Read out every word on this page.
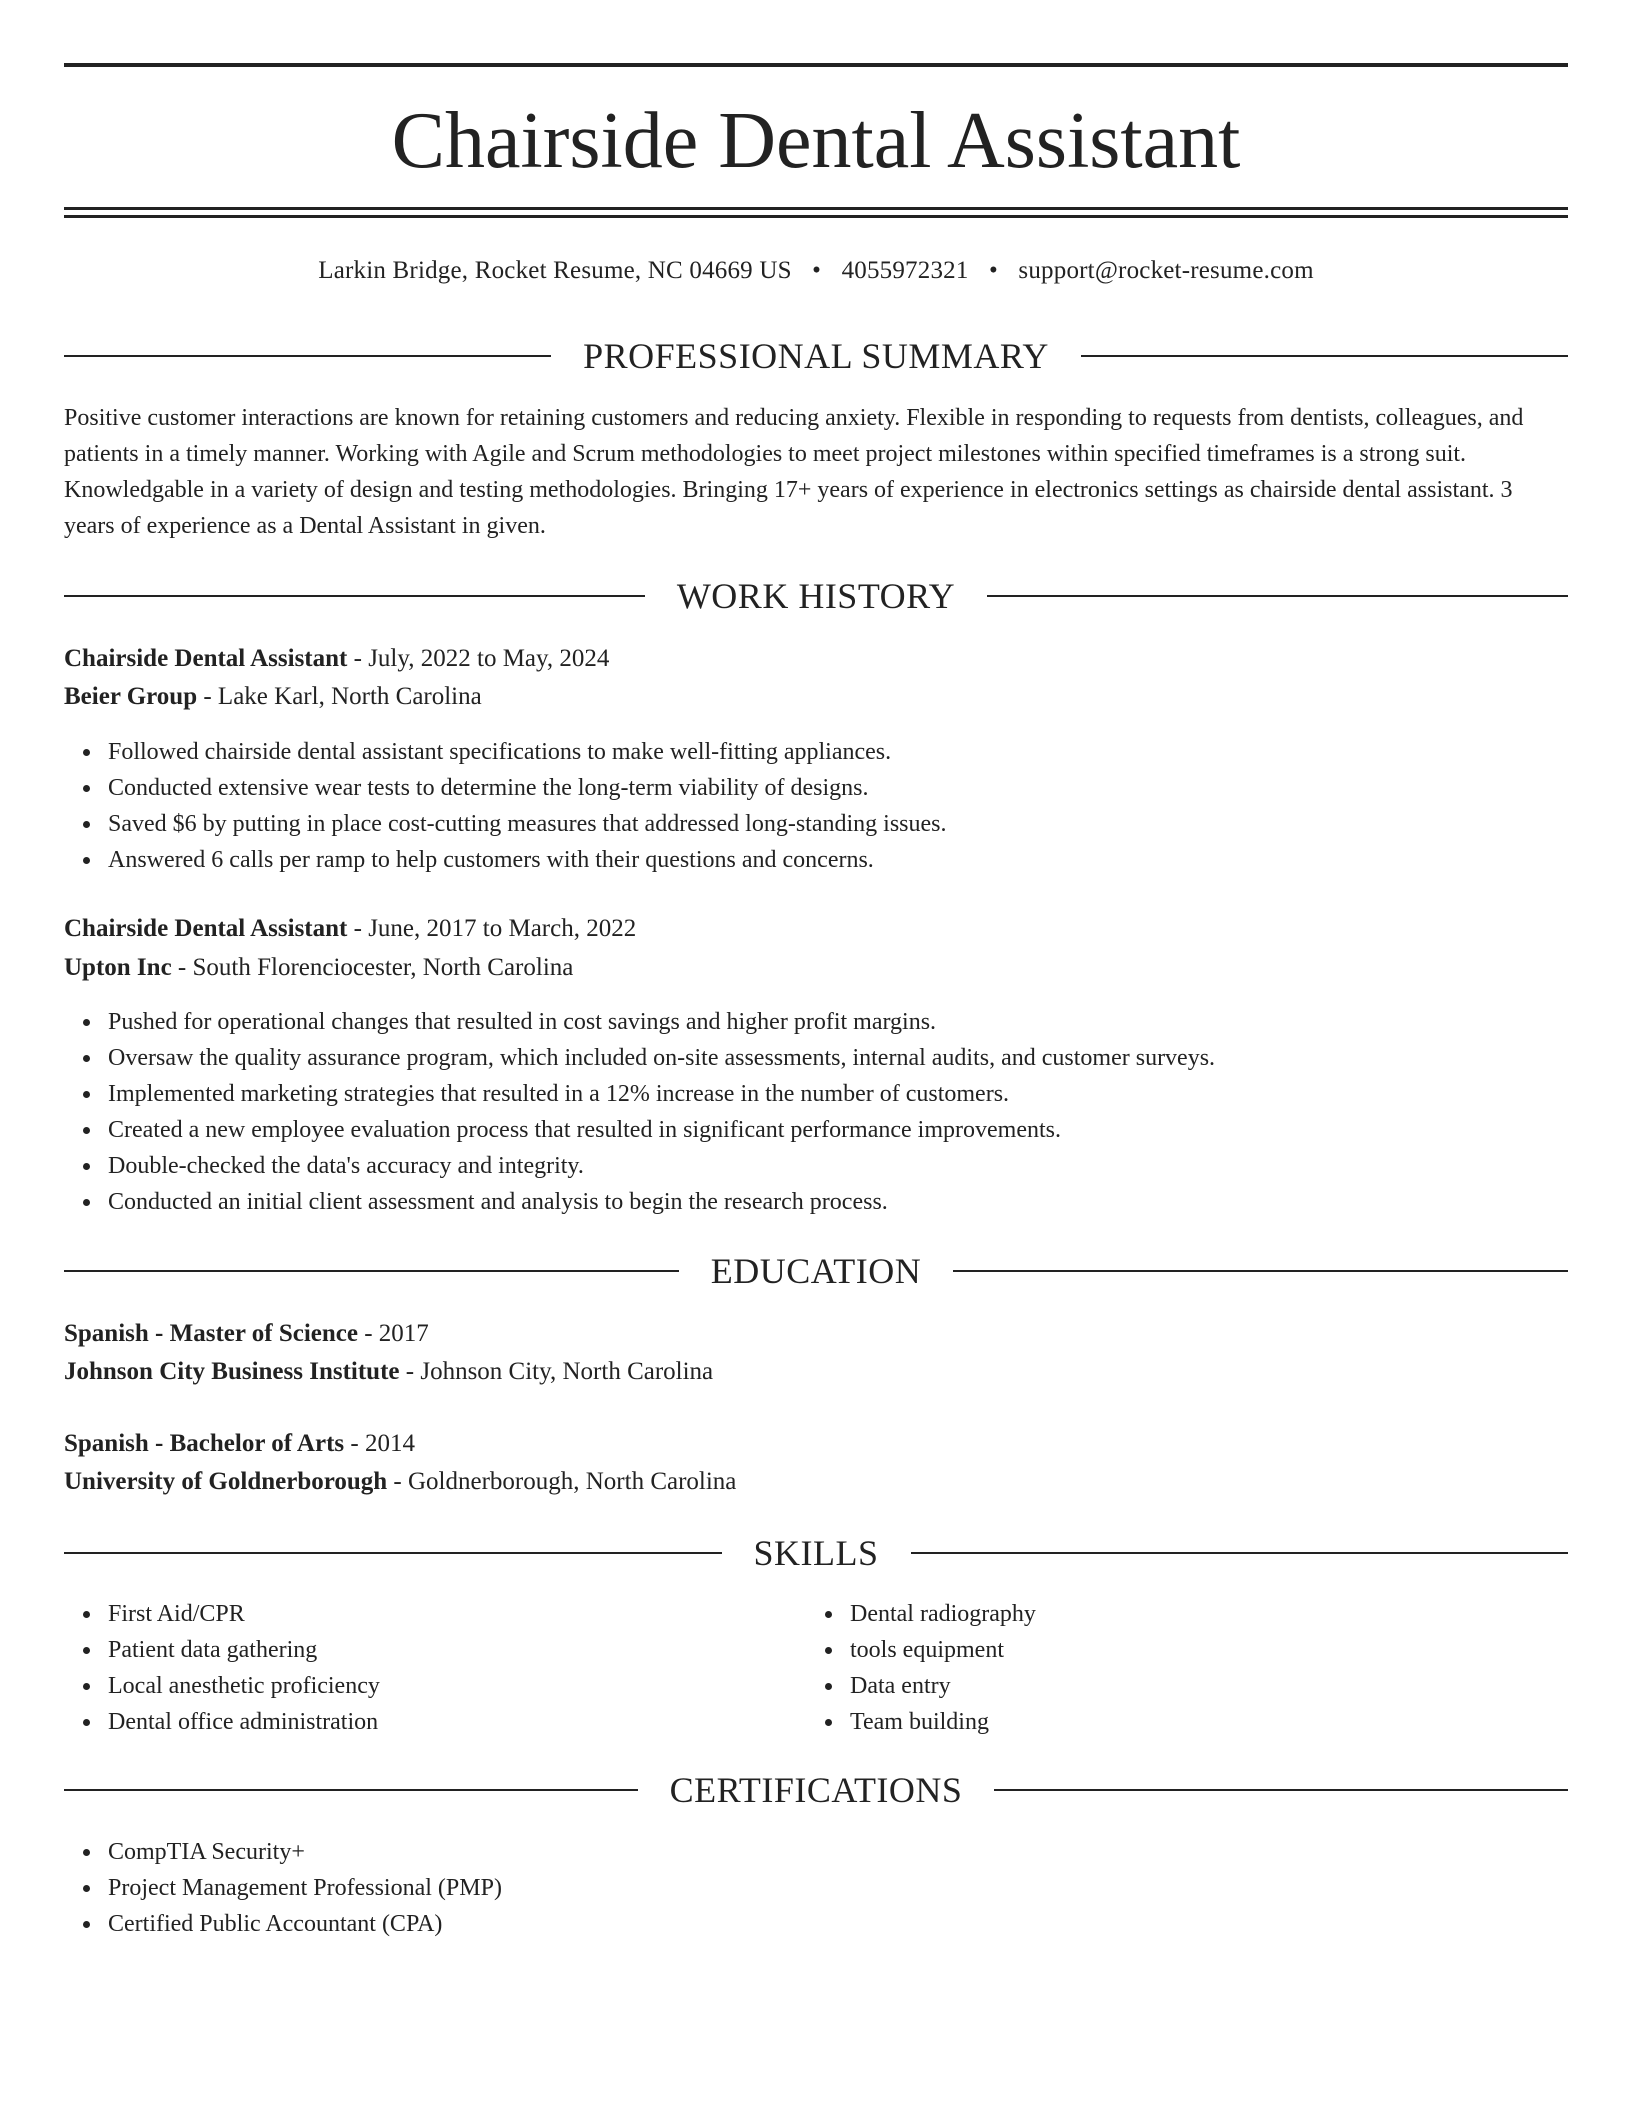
Chairside Dental Assistant
Larkin Bridge, Rocket Resume, NC 04669 US • 4055972321 • support@rocket-resume.com
PROFESSIONAL SUMMARY
Positive customer interactions are known for retaining customers and reducing anxiety. Flexible in responding to requests from dentists, colleagues, and patients in a timely manner. Working with Agile and Scrum methodologies to meet project milestones within specified timeframes is a strong suit. Knowledgable in a variety of design and testing methodologies. Bringing 17+ years of experience in electronics settings as chairside dental assistant. 3 years of experience as a Dental Assistant in given.
WORK HISTORY
Chairside Dental Assistant - July, 2022 to May, 2024
Beier Group - Lake Karl, North Carolina
Followed chairside dental assistant specifications to make well-fitting appliances.
Conducted extensive wear tests to determine the long-term viability of designs.
Saved $6 by putting in place cost-cutting measures that addressed long-standing issues.
Answered 6 calls per ramp to help customers with their questions and concerns.
Chairside Dental Assistant - June, 2017 to March, 2022
Upton Inc - South Florenciocester, North Carolina
Pushed for operational changes that resulted in cost savings and higher profit margins.
Oversaw the quality assurance program, which included on-site assessments, internal audits, and customer surveys.
Implemented marketing strategies that resulted in a 12% increase in the number of customers.
Created a new employee evaluation process that resulted in significant performance improvements.
Double-checked the data's accuracy and integrity.
Conducted an initial client assessment and analysis to begin the research process.
EDUCATION
Spanish - Master of Science - 2017
Johnson City Business Institute - Johnson City, North Carolina
Spanish - Bachelor of Arts - 2014
University of Goldnerborough - Goldnerborough, North Carolina
SKILLS
First Aid/CPR
Patient data gathering
Local anesthetic proficiency
Dental office administration
Dental radiography
tools equipment
Data entry
Team building
CERTIFICATIONS
CompTIA Security+
Project Management Professional (PMP)
Certified Public Accountant (CPA)
